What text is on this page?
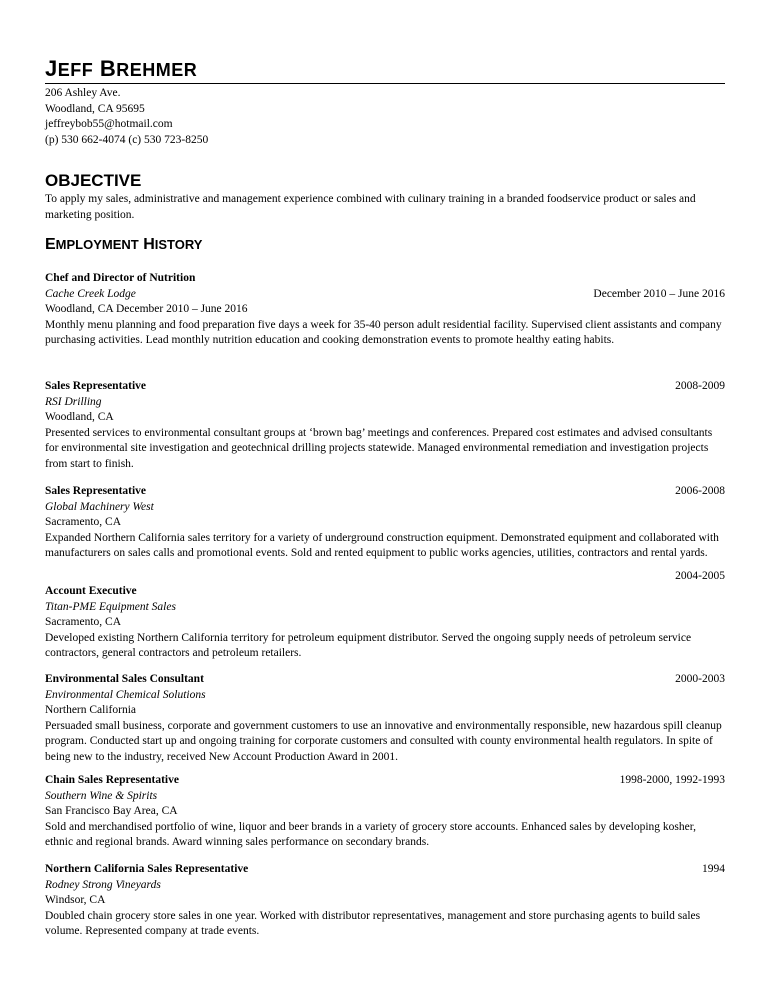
JEFF BREHMER
206 Ashley Ave.
Woodland, CA 95695
jeffreybob55@hotmail.com
(p) 530 662-4074 (c) 530 723-8250
OBJECTIVE
To apply my sales, administrative and management experience combined with culinary training in a branded foodservice product or sales and marketing position.
EMPLOYMENT HISTORY
Chef and Director of Nutrition
Cache Creek Lodge	December 2010 – June 2016
Woodland, CA December 2010 – June 2016

Monthly menu planning and food preparation five days a week for 35-40 person adult residential facility. Supervised client assistants and company purchasing activities. Lead monthly nutrition education and cooking demonstration events to promote healthy eating habits.

Sales Representative	2008-2009
RSI Drilling
Woodland, CA

Presented services to environmental consultant groups at ‘brown bag’ meetings and conferences. Prepared cost estimates and advised consultants for environmental site investigation and geotechnical drilling projects statewide. Managed environmental remediation and investigation projects from start to finish.

Sales Representative	2006-2008
Global Machinery West
Sacramento, CA

Expanded Northern California sales territory for a variety of underground construction equipment. Demonstrated equipment and collaborated with manufacturers on sales calls and promotional events. Sold and rented equipment to public works agencies, utilities, contractors and rental yards.

2004-2005
Account Executive
Titan-PME Equipment Sales
Sacramento, CA

Developed existing Northern California territory for petroleum equipment distributor. Served the ongoing supply needs of petroleum service contractors, general contractors and petroleum retailers.

Environmental Sales Consultant	2000-2003
Environmental Chemical Solutions
Northern California

Persuaded small business, corporate and government customers to use an innovative and environmentally responsible, new hazardous spill cleanup program. Conducted start up and ongoing training for corporate customers and consulted with county environmental health regulators. In spite of being new to the industry, received New Account Production Award in 2001.

Chain Sales Representative	1998-2000, 1992-1993
Southern Wine & Spirits
San Francisco Bay Area, CA

Sold and merchandised portfolio of wine, liquor and beer brands in a variety of grocery store accounts. Enhanced sales by developing kosher, ethnic and regional brands. Award winning sales performance on secondary brands.

Northern California Sales Representative	1994
Rodney Strong Vineyards
Windsor, CA

Doubled chain grocery store sales in one year. Worked with distributor representatives, management and store purchasing agents to build sales volume. Represented company at trade events.
